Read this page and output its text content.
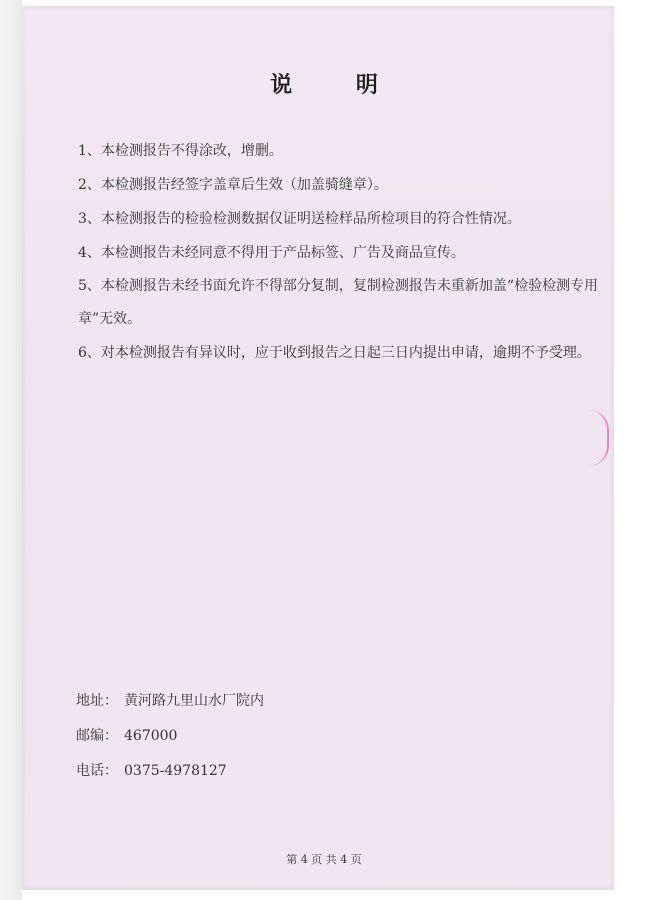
说 明
1、本检测报告不得涂改，增删。
2、本检测报告经签字盖章后生效（加盖骑缝章）。
3、本检测报告的检验检测数据仅证明送检样品所检项目的符合性情况。
4、本检测报告未经同意不得用于产品标签、广告及商品宣传。
5、本检测报告未经书面允许不得部分复制，复制检测报告未重新加盖“检验检测专用章”无效。
6、对本检测报告有异议时，应于收到报告之日起三日内提出申请，逾期不予受理。
地址： 黄河路九里山水厂院内
邮编： 467000
电话： 0375-4978127
第 4 页 共 4 页
